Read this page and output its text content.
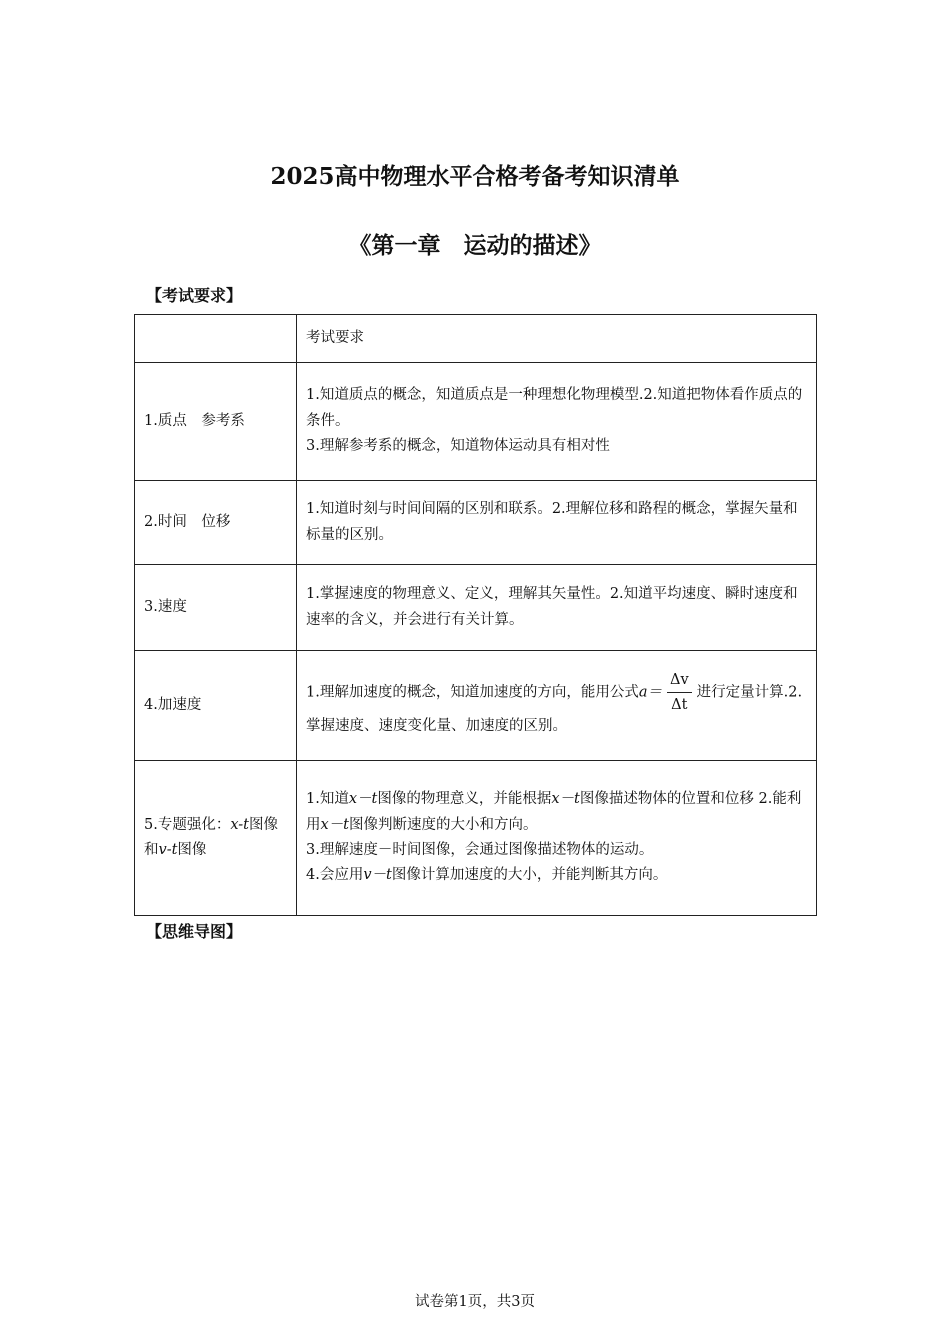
2025高中物理水平合格考备考知识清单
《第一章　运动的描述》
【考试要求】
	考试要求
1.质点　参考系	1.知道质点的概念，知道质点是一种理想化物理模型.2.知道把物体看作质点的条件。

3.理解参考系的概念，知道物体运动具有相对性

2.时间　位移	1.知道时刻与时间间隔的区别和联系。2.理解位移和路程的概念，掌握矢量和标量的区别。

3.速度	1.掌握速度的物理意义、定义，理解其矢量性。2.知道平均速度、瞬时速度和速率的含义，并会进行有关计算。

4.加速度	1.理解加速度的概念，知道加速度的方向，能用公式$a= \frac{\Delta v}{\Delta t}$ 进行定量计算.2.掌握速度、速度变化量、加速度的区别。

5.专题强化：x-t图像和v-t图像	1.知道x－t图像的物理意义，并能根据x－t图像描述物体的位置和位移 2.能利用x－t图像判断速度的大小和方向。

3.理解速度－时间图像，会通过图像描述物体的运动。

4.会应用v－t图像计算加速度的大小，并能判断其方向。

【思维导图】
试卷第1页，共3页
